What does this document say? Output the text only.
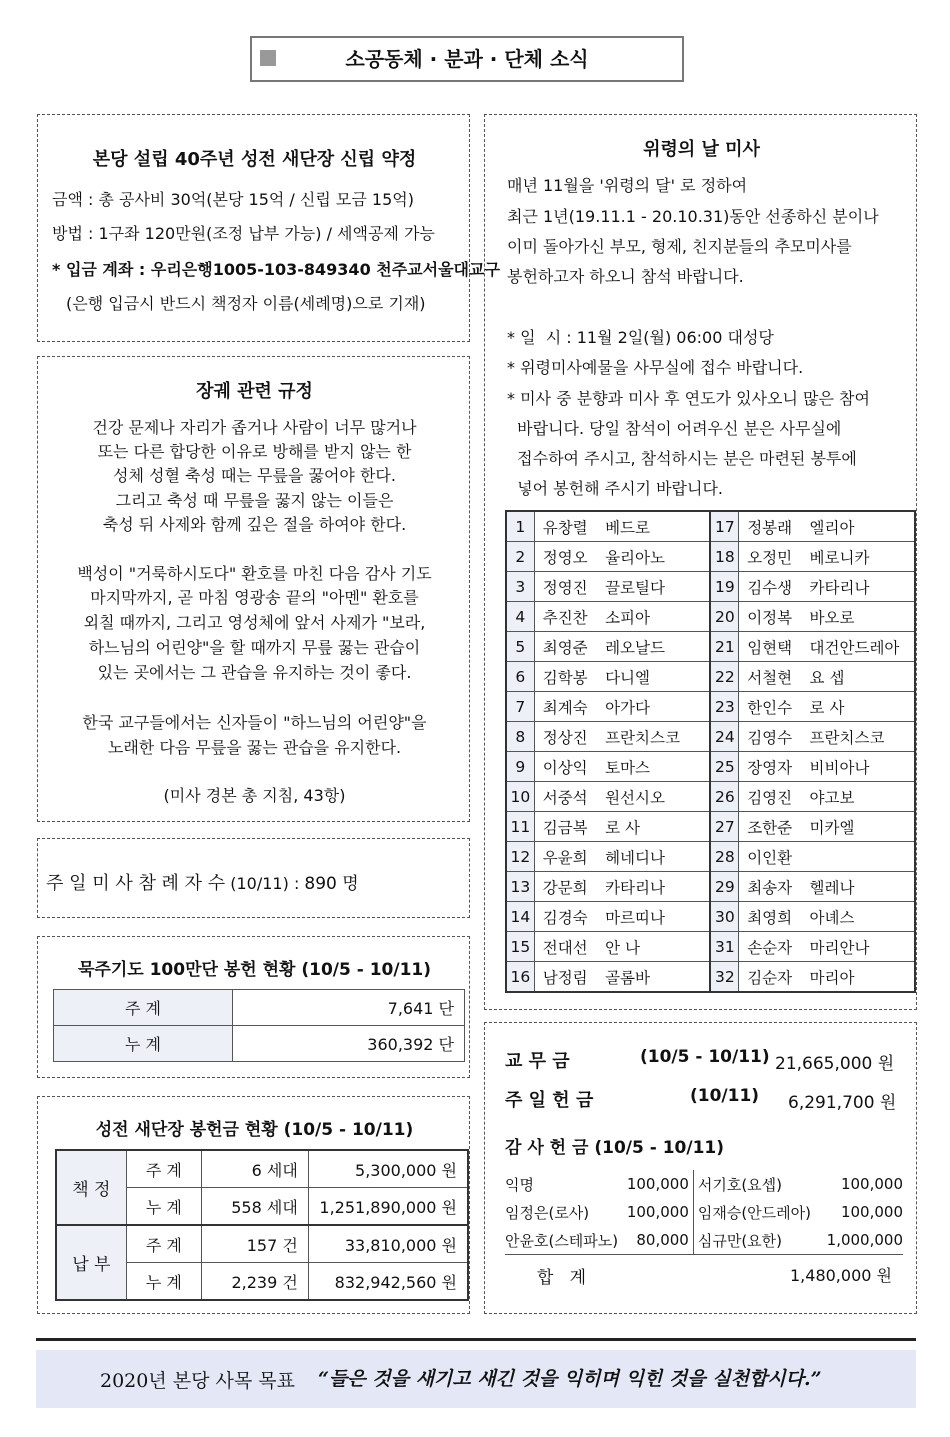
소공동체 · 분과 · 단체 소식
본당 설립 40주년 성전 새단장 신립 약정
금액 : 총 공사비 30억(본당 15억 / 신립 모금 15억)
방법 : 1구좌 120만원(조정 납부 가능) / 세액공제 가능
* 입금 계좌 : 우리은행1005-103-849340 천주교서울대교구
(은행 입금시 반드시 책정자 이름(세례명)으로 기재)
장궤 관련 규정
건강 문제나 자리가 좁거나 사람이 너무 많거나
또는 다른 합당한 이유로 방해를 받지 않는 한
성체 성혈 축성 때는 무릎을 꿇어야 한다.
그리고 축성 때 무릎을 꿇지 않는 이들은
축성 뒤 사제와 함께 깊은 절을 하여야 한다.
백성이 "거룩하시도다" 환호를 마친 다음 감사 기도
마지막까지, 곧 마침 영광송 끝의 "아멘" 환호를
외칠 때까지, 그리고 영성체에 앞서 사제가 "보라,
하느님의 어린양"을 할 때까지 무릎 꿇는 관습이
있는 곳에서는 그 관습을 유지하는 것이 좋다.
한국 교구들에서는 신자들이 "하느님의 어린양"을
노래한 다음 무릎을 꿇는 관습을 유지한다.
(미사 경본 총 지침, 43항)
주 일 미 사 참 례 자 수 (10/11) : 890 명
묵주기도 100만단 봉헌 현황 (10/5 - 10/11)
주 계	7,641 단
누 계	360,392 단
성전 새단장 봉헌금 현황 (10/5 - 10/11)
책 정	주 계	6 세대	5,300,000 원
	누 계	558 세대	1,251,890,000 원
납 부	주 계	157 건	33,810,000 원
	누 계	2,239 건	832,942,560 원
위령의 날 미사
매년 11월을 '위령의 달' 로 정하여
최근 1년(19.11.1 - 20.10.31)동안 선종하신 분이나
이미 돌아가신 부모, 형제, 친지분들의 추모미사를
봉헌하고자 하오니 참석 바랍니다.
* 일  시 : 11월 2일(월) 06:00 대성당
* 위령미사예물을 사무실에 접수 바랍니다.
* 미사 중 분향과 미사 후 연도가 있사오니 많은 참여
바랍니다. 당일 참석이 어려우신 분은 사무실에
접수하여 주시고, 참석하시는 분은 마련된 봉투에
넣어 봉헌해 주시기 바랍니다.
1	유창렬	베드로	17	정봉래	엘리아
2	정영오	율리아노	18	오정민	베로니카
3	정영진	끌로틸다	19	김수생	카타리나
4	추진찬	소피아	20	이정복	바오로
5	최영준	레오날드	21	임현택	대건안드레아
6	김학봉	다니엘	22	서철현	요 셉
7	최계숙	아가다	23	한인수	로 사
8	정상진	프란치스코	24	김영수	프란치스코
9	이상익	토마스	25	장영자	비비아나
10	서중석	원선시오	26	김영진	야고보
11	김금복	로 사	27	조한준	미카엘
12	우윤희	헤네디나	28	이인환	
13	강문희	카타리나	29	최송자	헬레나
14	김경숙	마르띠나	30	최영희	아녜스
15	전대선	안 나	31	손순자	마리안나
16	남정림	골롬바	32	김순자	마리아
교 무 금	(10/5 - 10/11) 21,665,000 원
주 일 헌 금	(10/11) 6,291,700 원
감 사 헌 금 (10/5 - 10/11)
익명	100,000	서기호(요셉)	100,000
임정은(로사)	100,000	임재승(안드레아)	100,000
안윤호(스테파노)	80,000	심규만(요한)	1,000,000
합   계	1,480,000 원
2020년 본당 사목 목표 “들은 것을 새기고 새긴 것을 익히며 익힌 것을 실천합시다.”
